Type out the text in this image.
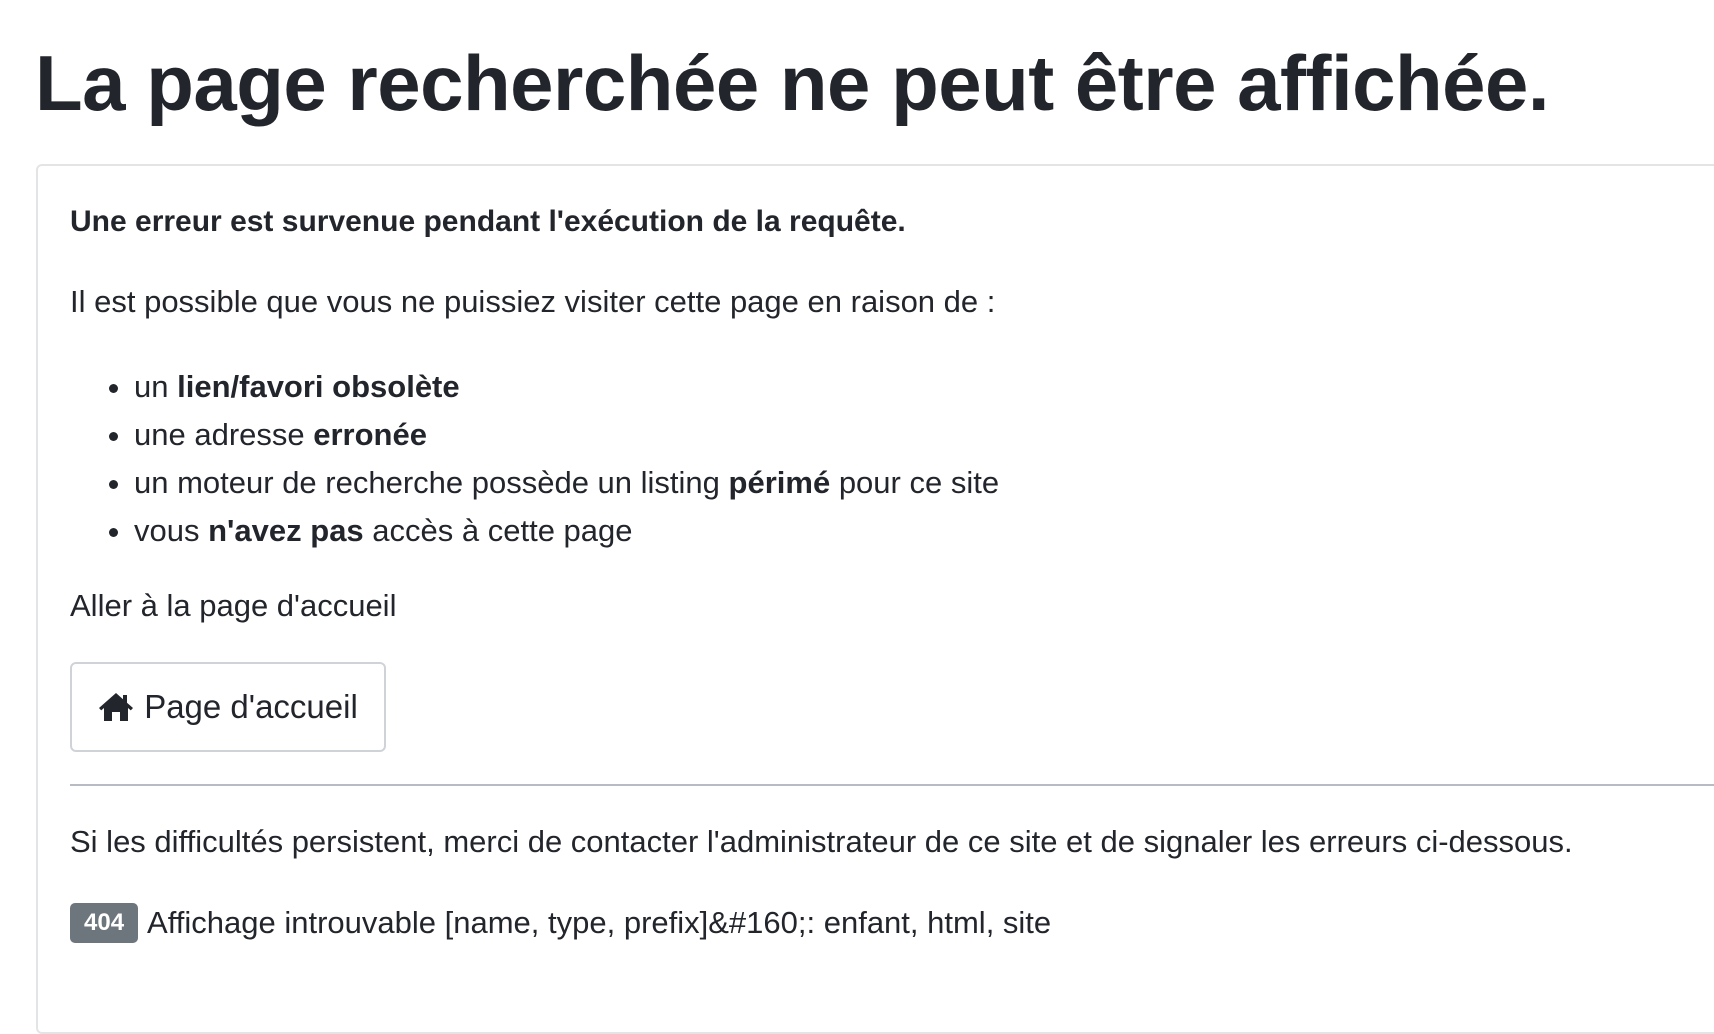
La page recherchée ne peut être affichée.

Une erreur est survenue pendant l'exécution de la requête.

Il est possible que vous ne puissiez visiter cette page en raison de :

• un lien/favori obsolète
• une adresse erronée
• un moteur de recherche possède un listing périmé pour ce site
• vous n'avez pas accès à cette page

Aller à la page d'accueil

Page d'accueil

Si les difficultés persistent, merci de contacter l'administrateur de ce site et de signaler les erreurs ci-dessous.

404 Affichage introuvable [name, type, prefix]&#160;: enfant, html, site
